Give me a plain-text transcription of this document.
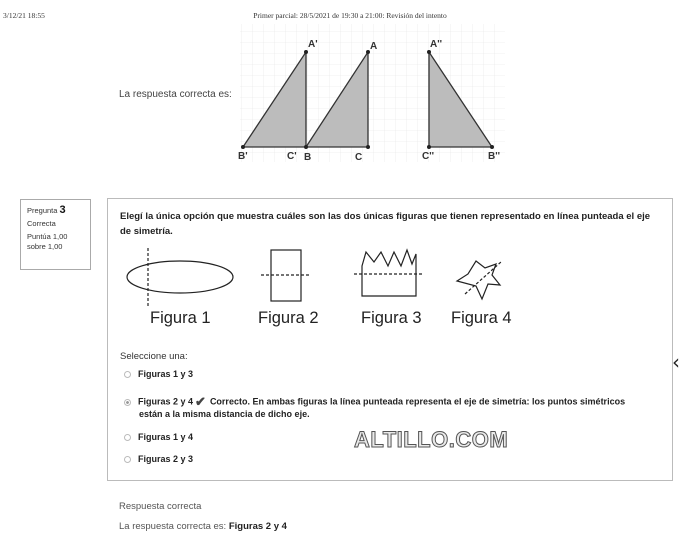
3/12/21 18:55	Primer parcial: 28/5/2021 de 19:30 a 21:00: Revisión del intento
La respuesta correcta es:
A'	A	A''
B'	C' B	C	C''	B''
Pregunta 3
Correcta
Puntúa 1,00
sobre 1,00
Elegí la única opción que muestra cuáles son las dos únicas figuras que tienen representado en línea punteada el eje de simetría.
Figura 1	Figura 2	Figura 3 Figura 4
Seleccione una:
Figuras 1 y 3
Figuras 2 y 4 ✔ Correcto. En ambas figuras la línea punteada representa el eje de simetría: los puntos simétricos
están a la misma distancia de dicho eje.
Figuras 1 y 4
Figuras 2 y 3
ALTILLO.COM
‹
Respuesta correcta
La respuesta correcta es: Figuras 2 y 4
